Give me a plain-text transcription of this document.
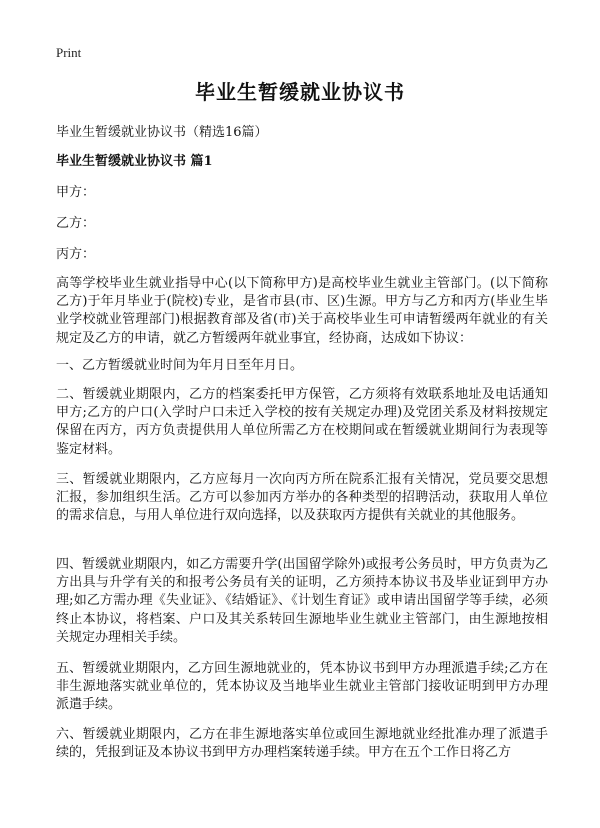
Print
毕业生暂缓就业协议书

毕业生暂缓就业协议书（精选16篇）

毕业生暂缓就业协议书 篇1

甲方：

乙方：

丙方：

高等学校毕业生就业指导中心(以下简称甲方)是高校毕业生就业主管部门。(以下简称乙方)于年月毕业于(院校)专业，是省市县(市、区)生源。甲方与乙方和丙方(毕业生毕业学校就业管理部门)根据教育部及省(市)关于高校毕业生可申请暂缓两年就业的有关规定及乙方的申请，就乙方暂缓两年就业事宜，经协商，达成如下协议：

一、乙方暂缓就业时间为年月日至年月日。

二、暂缓就业期限内，乙方的档案委托甲方保管，乙方须将有效联系地址及电话通知甲方;乙方的户口(入学时户口未迁入学校的按有关规定办理)及党团关系及材料按规定保留在丙方，丙方负责提供用人单位所需乙方在校期间或在暂缓就业期间行为表现等鉴定材料。

三、暂缓就业期限内，乙方应每月一次向丙方所在院系汇报有关情况，党员要交思想汇报，参加组织生活。乙方可以参加丙方举办的各种类型的招聘活动，获取用人单位的需求信息，与用人单位进行双向选择，以及获取丙方提供有关就业的其他服务。

四、暂缓就业期限内，如乙方需要升学(出国留学除外)或报考公务员时，甲方负责为乙方出具与升学有关的和报考公务员有关的证明，乙方须持本协议书及毕业证到甲方办理;如乙方需办理《失业证》、《结婚证》、《计划生育证》或申请出国留学等手续，必须终止本协议，将档案、户口及其关系转回生源地毕业生就业主管部门，由生源地按相关规定办理相关手续。

五、暂缓就业期限内，乙方回生源地就业的，凭本协议书到甲方办理派遣手续;乙方在非生源地落实就业单位的，凭本协议及当地毕业生就业主管部门接收证明到甲方办理派遣手续。

六、暂缓就业期限内，乙方在非生源地落实单位或回生源地就业经批准办理了派遣手续的，凭报到证及本协议书到甲方办理档案转递手续。甲方在五个工作日将乙方
